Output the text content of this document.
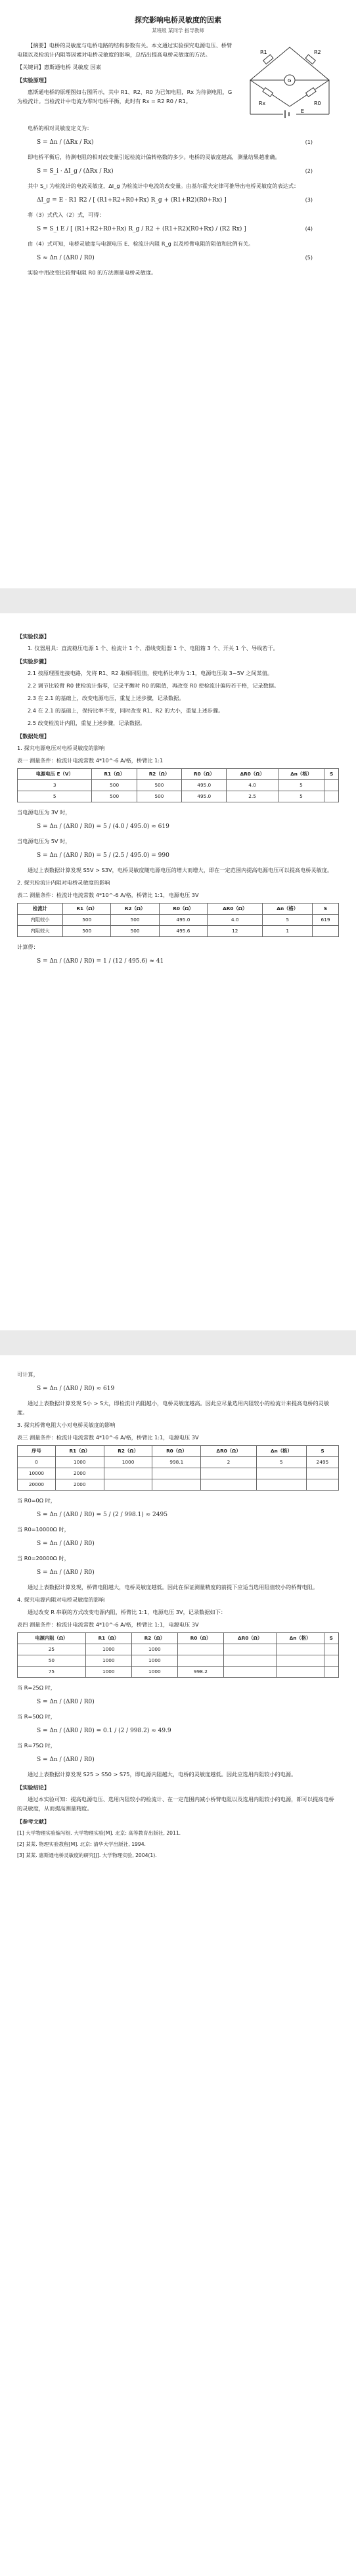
探究影响电桥灵敏度的因素
某班级 某同学 指导教师
R1	R2
Rx	R0
G
E

【摘要】电桥的灵敏度与电桥电路的结构参数有关。本文通过实验探究电源电压、桥臂电阻以及检流计内阻等因素对电桥灵敏度的影响，总结出提高电桥灵敏度的方法。

【关键词】惠斯通电桥 灵敏度 因素

【实验原理】

惠斯通电桥的原理图如右图所示，其中 R1、R2、R0 为已知电阻，Rx 为待测电阻，G 为检流计。当检流计中电流为零时电桥平衡，此时有 Rx = R2 R0 / R1。

电桥的相对灵敏度定义为：

S = Δn / (ΔRx / Rx)	(1)

即电桥平衡后，待测电阻的相对改变量引起检流计偏转格数的多少。电桥的灵敏度越高，测量结果越准确。

S = S_i · ΔI_g / (ΔRx / Rx)	(2)

其中 S_i 为检流计的电流灵敏度，ΔI_g 为检流计中电流的改变量。由基尔霍夫定律可推导出电桥灵敏度的表达式：

ΔI_g = E · R1 R2 / [ (R1+R2+R0+Rx) R_g + (R1+R2)(R0+Rx) ]	(3)

将（3）式代入（2）式，可得：

S = S_i E / [ (R1+R2+R0+Rx) R_g / R2 + (R1+R2)(R0+Rx) / (R2 Rx) ]	(4)

由（4）式可知，电桥灵敏度与电源电压 E、检流计内阻 R_g 以及桥臂电阻的阻值和比例有关。

S ≈ Δn / (ΔR0 / R0)	(5)

实验中用改变比较臂电阻 R0 的方法测量电桥灵敏度。

【实验仪器】

1. 仪器用具：直流稳压电源 1 个、检流计 1 个、滑线变阻器 1 个、电阻箱 3 个、开关 1 个、导线若干。

【实验步骤】

2.1 按原理图连接电路，先将 R1、R2 取相同阻值，使电桥比率为 1:1，电源电压取 3~5V 之间某值。

2.2 调节比较臂 R0 使检流计指零，记录平衡时 R0 的阻值，再改变 R0 使检流计偏转若干格，记录数据。

2.3 在 2.1 的基础上，改变电源电压，重复上述步骤，记录数据。

2.4 在 2.1 的基础上，保持比率不变，同时改变 R1、R2 的大小，重复上述步骤。

2.5 改变检流计内阻，重复上述步骤，记录数据。

【数据处理】

1. 探究电源电压对电桥灵敏度的影响

表一 测量条件：检流计电流常数 4*10^-6 A/格，桥臂比 1:1

电源电压 E（V）	R1（Ω）	R2（Ω）	R0（Ω）	ΔR0（Ω）	Δn（格）	S
3	500	500	495.0	4.0	5	
5	500	500	495.0	2.5	5	

当电源电压为 3V 时，

S = Δn / (ΔR0 / R0) = 5 / (4.0 / 495.0) ≈ 619

当电源电压为 5V 时，

S = Δn / (ΔR0 / R0) = 5 / (2.5 / 495.0) = 990

通过上表数据计算发现 S5V > S3V，电桥灵敏度随电源电压的增大而增大，即在一定范围内提高电源电压可以提高电桥灵敏度。

2. 探究检流计内阻对电桥灵敏度的影响

表二 测量条件：检流计电流常数 4*10^-6 A/格，桥臂比 1:1，电源电压 3V

检流计	R1（Ω）	R2（Ω）	R0（Ω）	ΔR0（Ω）	Δn（格）	S
内阻较小	500	500	495.0	4.0	5	619
内阻较大	500	500	495.6	12	1	

计算得：

S = Δn / (ΔR0 / R0) = 1 / (12 / 495.6) ≈ 41

可计算，

S = Δn / (ΔR0 / R0) ≈ 619

通过上表数据计算发现 S小 > S大，即检流计内阻越小，电桥灵敏度越高。因此应尽量选用内阻较小的检流计来提高电桥的灵敏度。

3. 探究桥臂电阻大小对电桥灵敏度的影响

表三 测量条件：检流计电流常数 4*10^-6 A/格，桥臂比 1:1，电源电压 3V

序号	R1（Ω）	R2（Ω）	R0（Ω）	ΔR0（Ω）	Δn（格）	S
0	1000	1000	998.1	2	5	2495
10000	2000					
20000	2000					

当 R0=0Ω 时，

S = Δn / (ΔR0 / R0) = 5 / (2 / 998.1) ≈ 2495

当 R0=10000Ω 时，

S = Δn / (ΔR0 / R0)

当 R0=20000Ω 时，

S = Δn / (ΔR0 / R0)

通过上表数据计算发现，桥臂电阻越大，电桥灵敏度越低。因此在保证测量精度的前提下应适当选用阻值较小的桥臂电阻。

4. 探究电源内阻对电桥灵敏度的影响

通过改变 R 串联的方式改变电源内阻，桥臂比 1:1，电源电压 3V，记录数据如下：

表四 测量条件：检流计电流常数 4*10^-6 A/格，桥臂比 1:1，电源电压 3V

电源内阻（Ω）	R1（Ω）	R2（Ω）	R0（Ω）	ΔR0（Ω）	Δn（格）	S
25	1000	1000				
50	1000	1000				
75	1000	1000	998.2			

当 R=25Ω 时，

S = Δn / (ΔR0 / R0)

当 R=50Ω 时，

S = Δn / (ΔR0 / R0) = 0.1 / (2 / 998.2) ≈ 49.9

当 R=75Ω 时，

S = Δn / (ΔR0 / R0)

通过上表数据计算发现 S25 > S50 > S75，即电源内阻越大，电桥的灵敏度越低。因此应选用内阻较小的电源。

【实验结论】

通过本实验可知：提高电源电压、选用内阻较小的检流计、在一定范围内减小桥臂电阻以及选用内阻较小的电源，都可以提高电桥的灵敏度，从而提高测量精度。

【参考文献】

[1] 大学物理实验编写组. 大学物理实验[M]. 北京: 高等教育出版社, 2011.

[2] 某某. 物理实验教程[M]. 北京: 清华大学出版社, 1994.

[3] 某某. 惠斯通电桥灵敏度的研究[J]. 大学物理实验, 2004(1).
